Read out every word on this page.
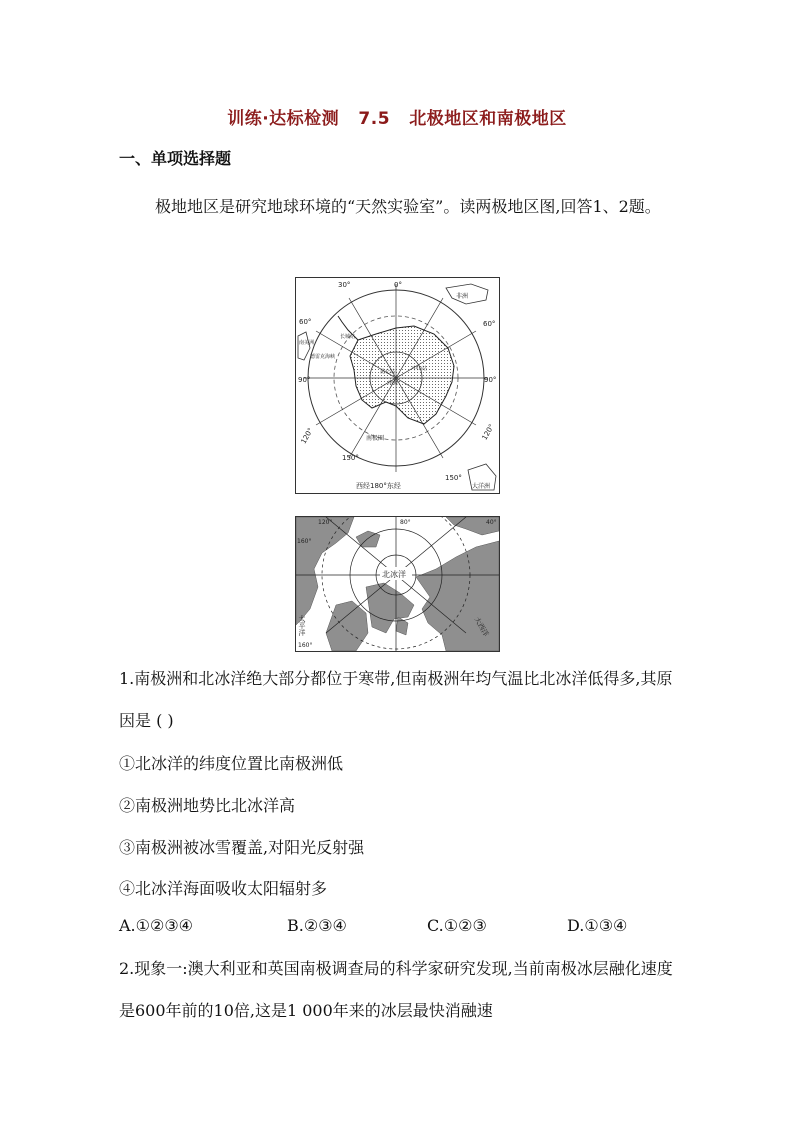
训练·达标检测   7.5   北极地区和南极地区
一、单项选择题
极地地区是研究地球环境的“天然实验室”。读两极地区图,回答1、2题。
30°	0°
60°	60°
90°	90°
120°	120°
150°
150°
非洲
大洋洲
南美洲
德雷克海峡
长城站
昆仑站	中山站
南极
南极圈
西经180°东经
北冰洋
120°	80°	40°
160°
160°
太平洋	大西洋
1.南极洲和北冰洋绝大部分都位于寒带,但南极洲年均气温比北冰洋低得多,其原因是 ( )
①北冰洋的纬度位置比南极洲低
②南极洲地势比北冰洋高
③南极洲被冰雪覆盖,对阳光反射强
④北冰洋海面吸收太阳辐射多
A.①②③④	B.②③④	C.①②③	D.①③④
2.现象一:澳大利亚和英国南极调查局的科学家研究发现,当前南极冰层融化速度是600年前的10倍,这是1 000年来的冰层最快消融速
